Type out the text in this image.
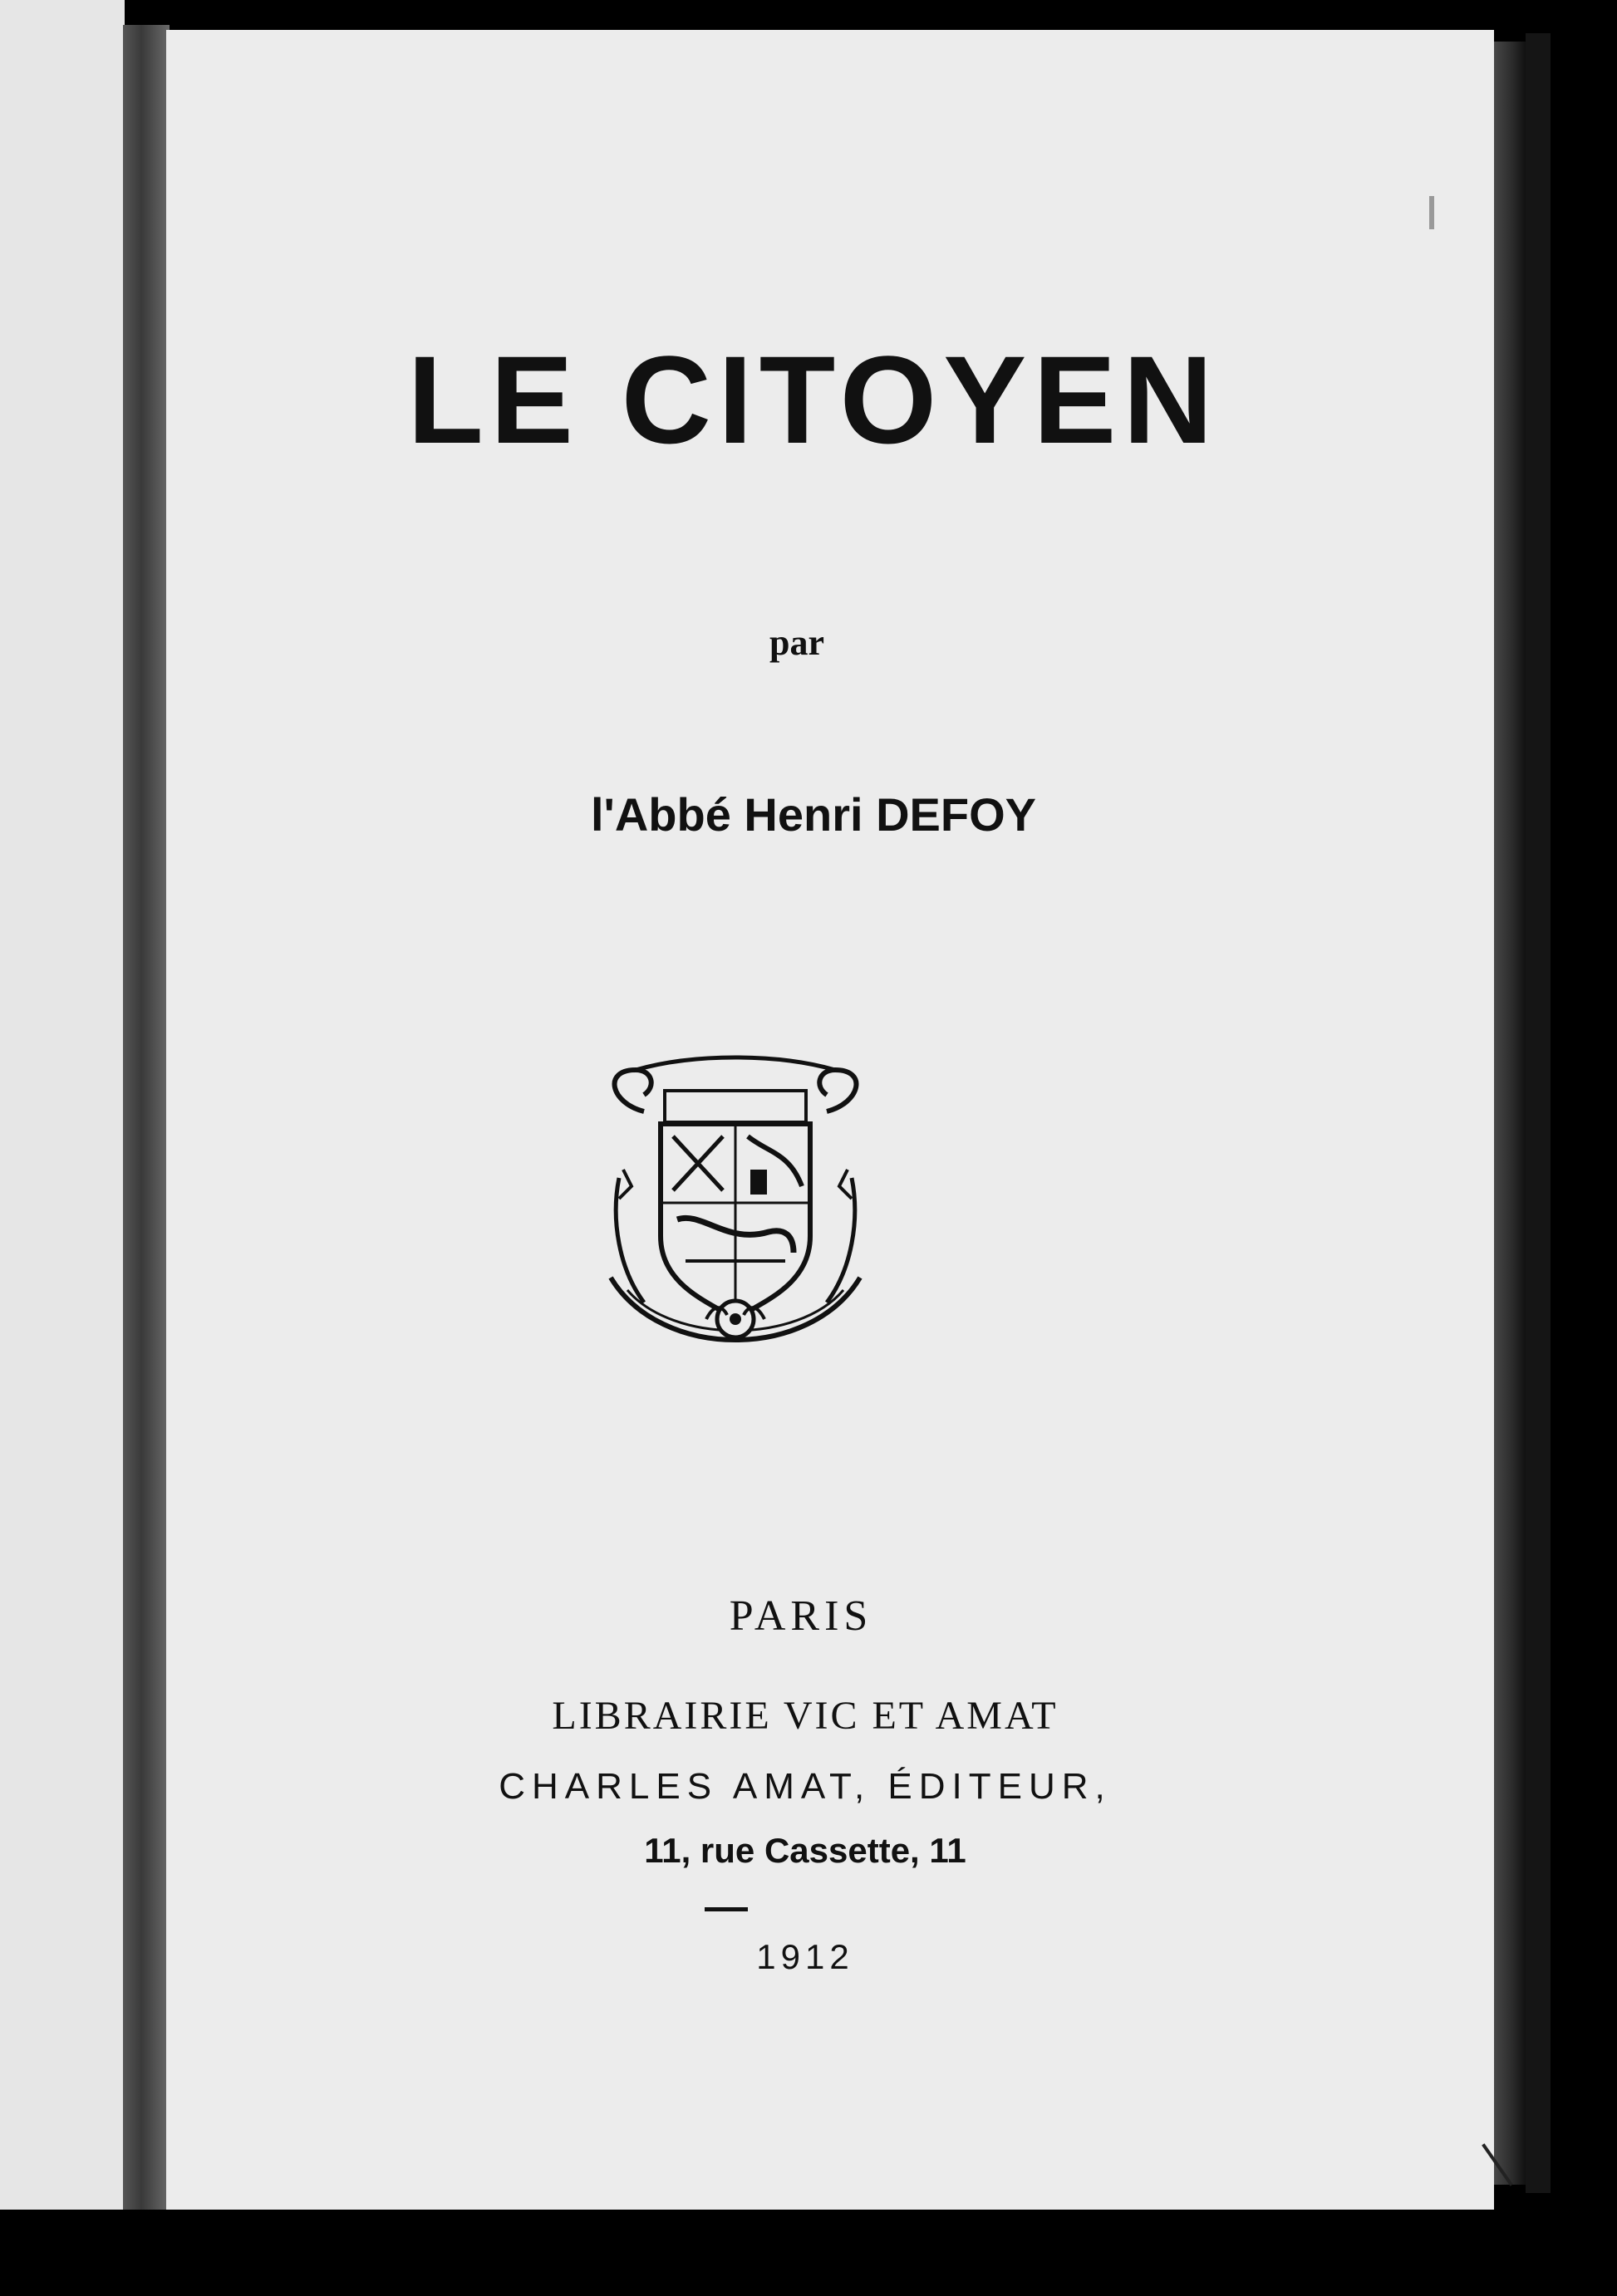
LE CITOYEN
par
l'Abbé Henri DEFOY
PARIS
LIBRAIRIE VIC ET AMAT
CHARLES AMAT, ÉDITEUR,
11, rue Cassette, 11
1912
